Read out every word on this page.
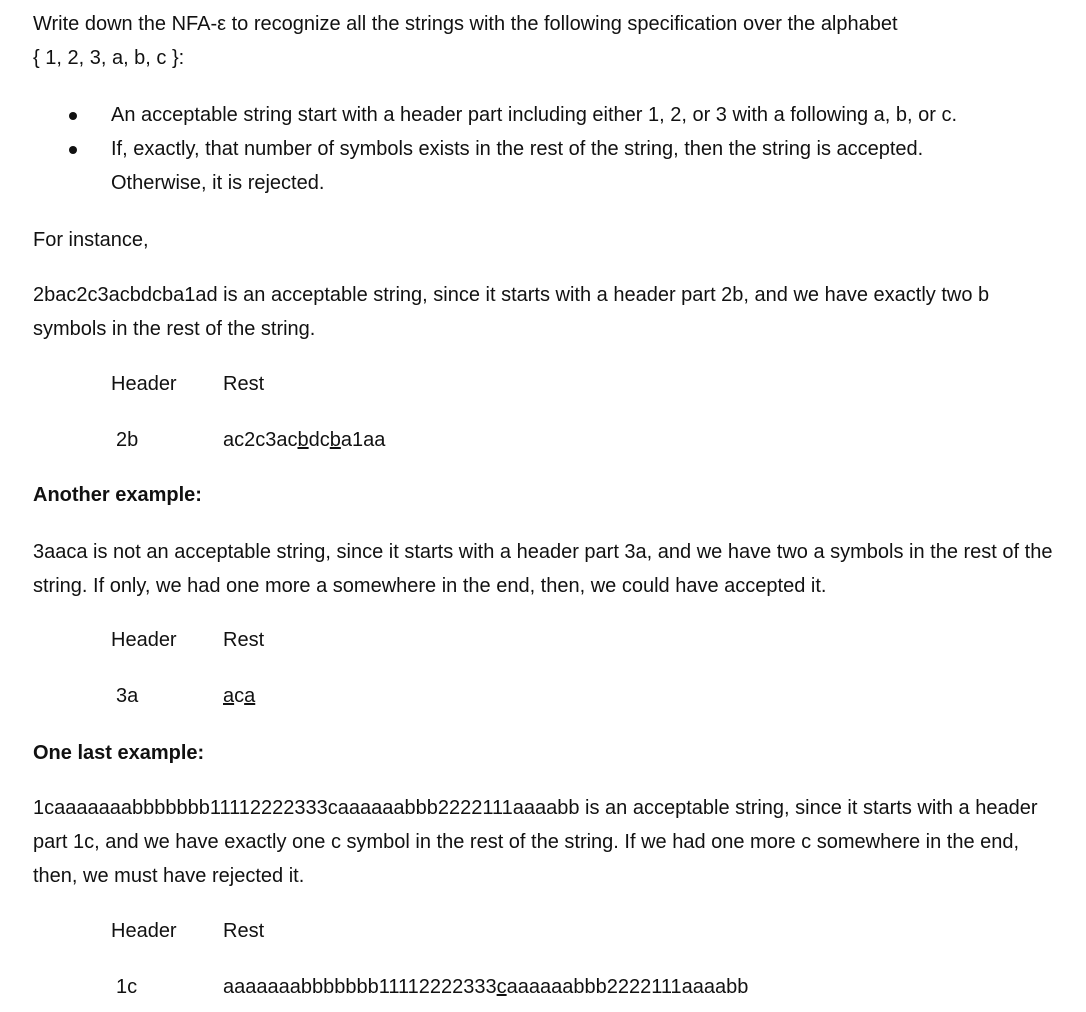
Write down the NFA-ε to recognize all the strings with the following specification over the alphabet
{ 1, 2, 3, a, b, c }:
An acceptable string start with a header part including either 1, 2, or 3 with a following a, b, or c.
If, exactly, that number of symbols exists in the rest of the string, then the string is accepted. Otherwise, it is rejected.
For instance,
2bac2c3acbdcba1ad is an acceptable string, since it starts with a header part 2b, and we have exactly two b symbols in the rest of the string.
Header Rest
2b	ac2c3acbdcba1aa
Another example:
3aaca is not an acceptable string, since it starts with a header part 3a, and we have two a symbols in the rest of the string. If only, we had one more a somewhere in the end, then, we could have accepted it.
Header Rest
3a	aca
One last example:
1caaaaaaabbbbbbb11112222333caaaaaabbb2222111aaaabb is an acceptable string, since it starts with a header part 1c, and we have exactly one c symbol in the rest of the string. If we had one more c somewhere in the end, then, we must have rejected it.
Header Rest
1c	aaaaaaabbbbbbb11112222333caaaaaabbb2222111aaaabb
